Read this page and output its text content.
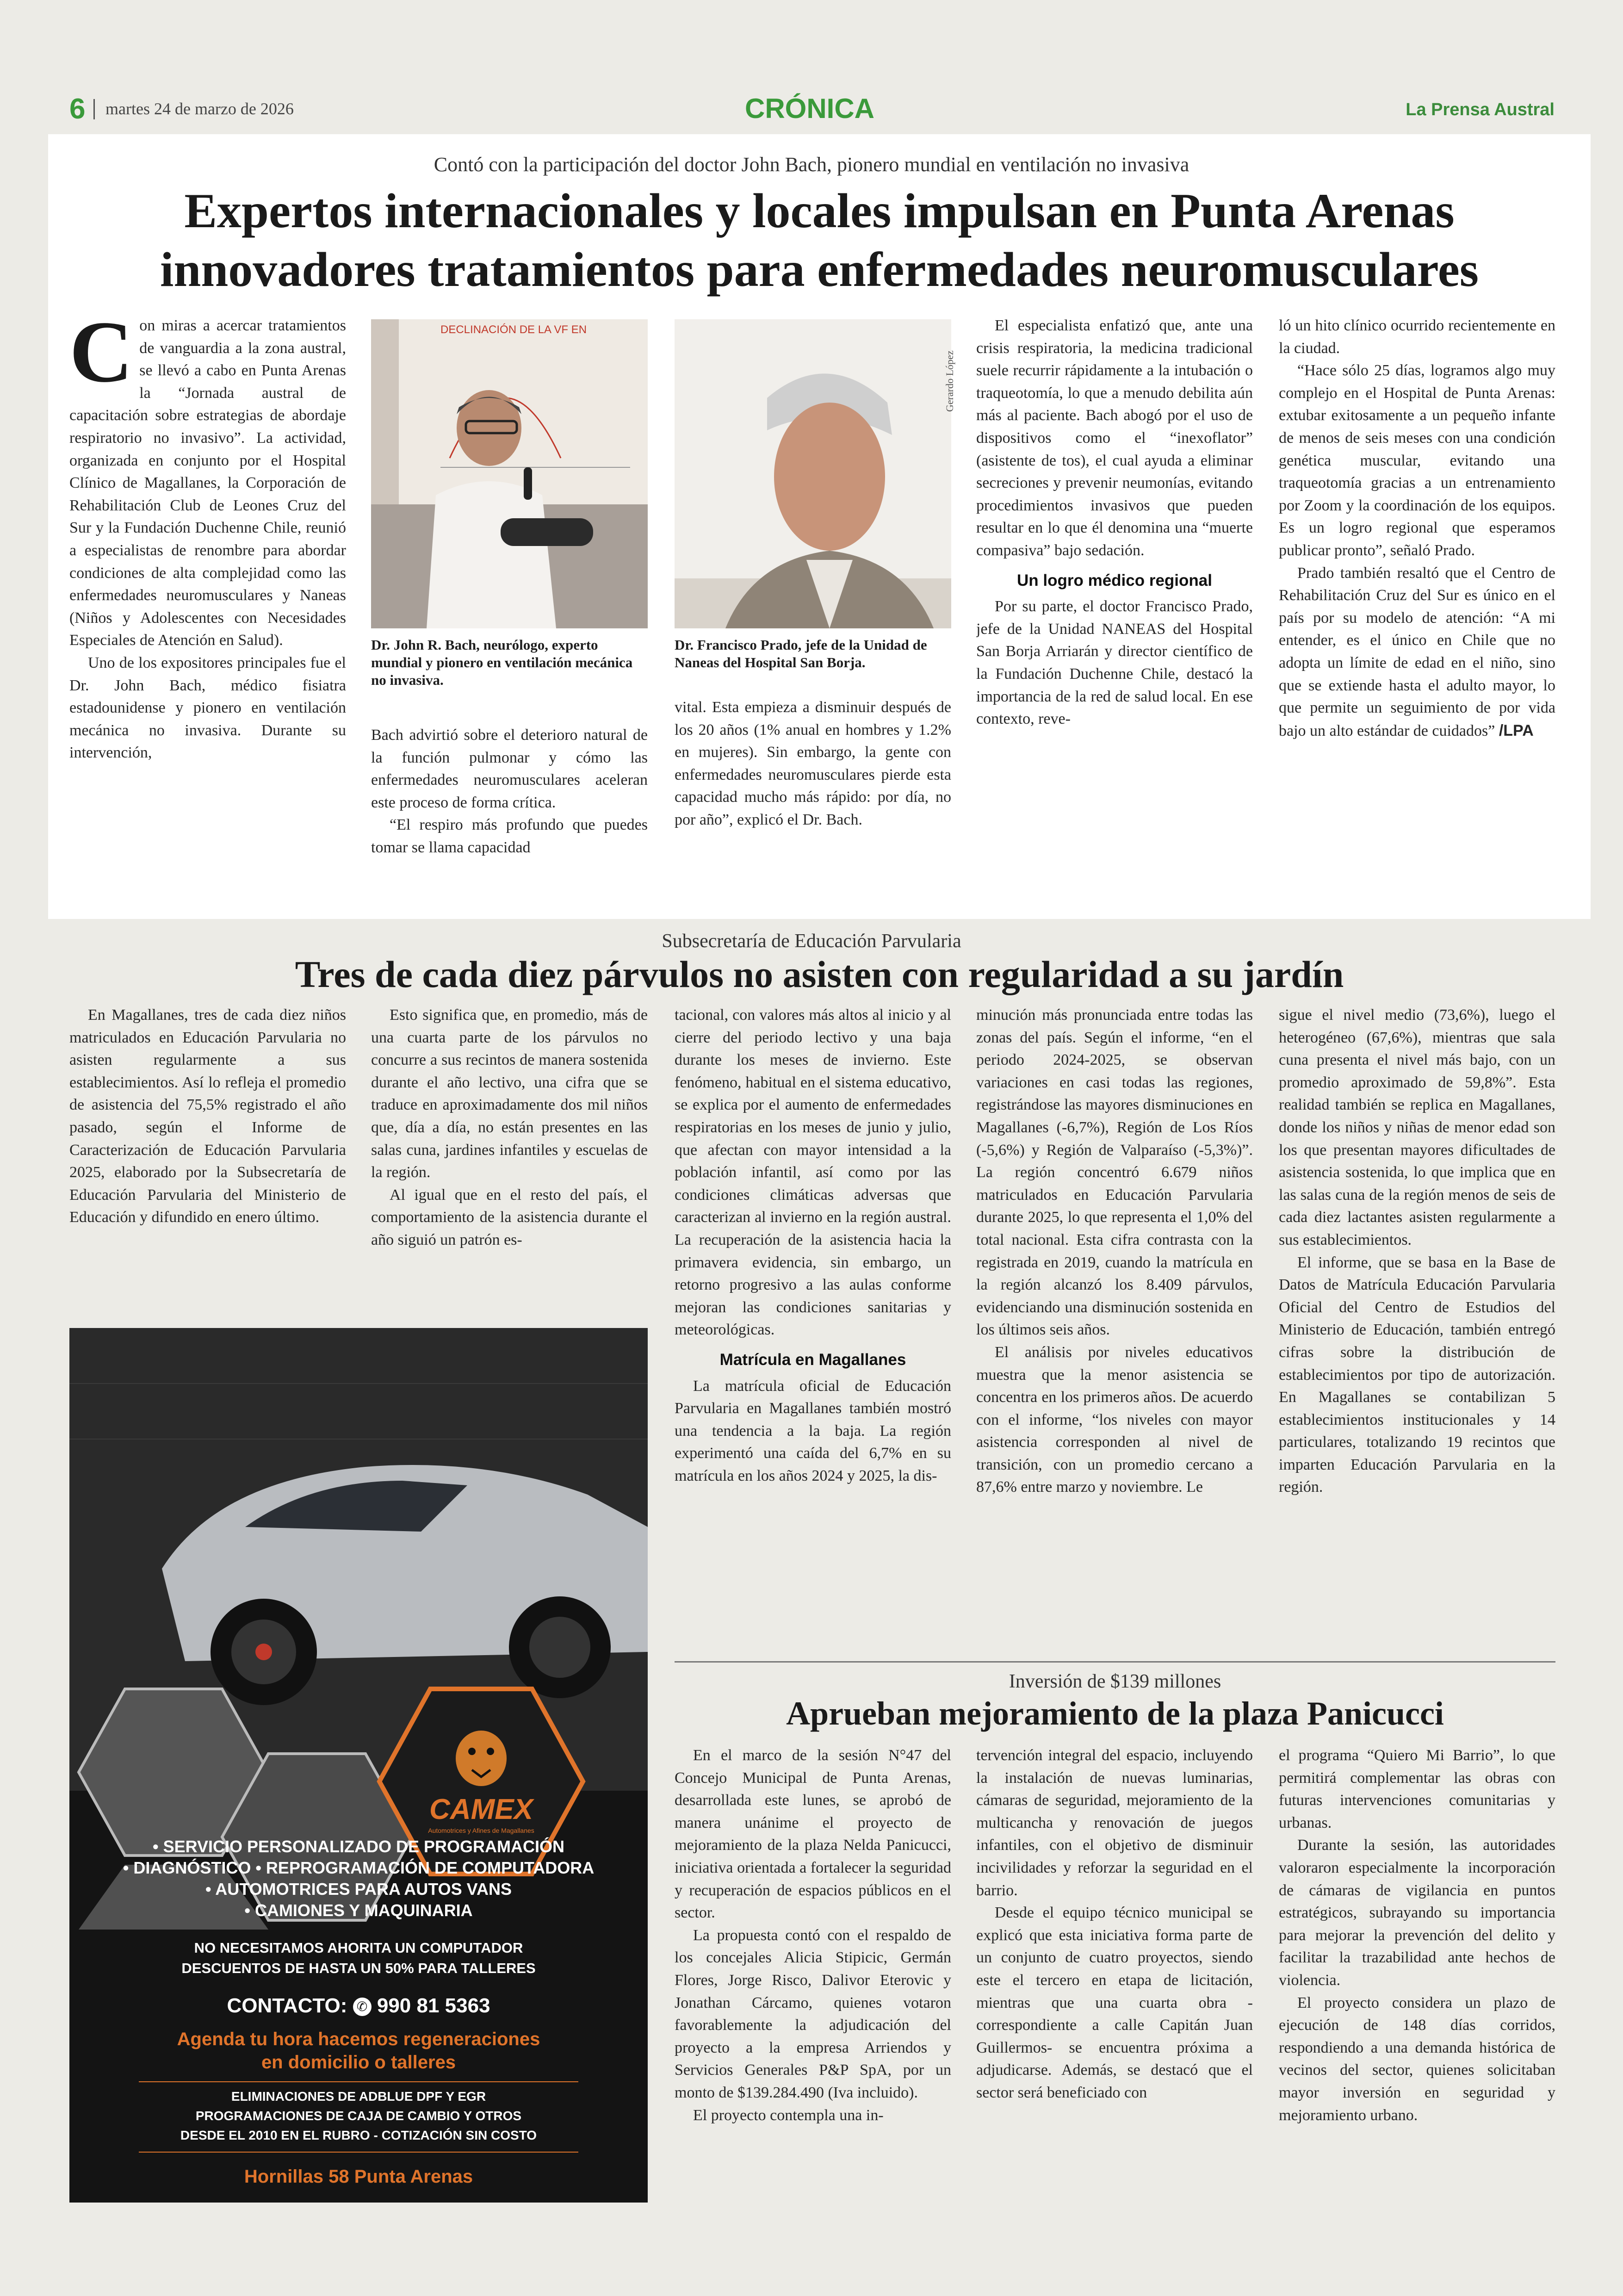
6 martes 24 de marzo de 2026	CRÓNICA	La Prensa Austral
Contó con la participación del doctor John Bach, pionero mundial en ventilación no invasiva
Expertos internacionales y locales impulsan en Punta Arenas
innovadores tratamientos para enfermedades neuromusculares

Con miras a acercar tratamientos de vanguardia a la zona austral, se llevó a cabo en Punta Arenas la “Jornada austral de capacitación sobre estrategias de abordaje respiratorio no invasivo”. La actividad, organizada en conjunto por el Hospital Clínico de Magallanes, la Corporación de Rehabilitación Club de Leones Cruz del Sur y la Fundación Duchenne Chile, reunió a especialistas de renombre para abordar condiciones de alta complejidad como las enfermedades neuromusculares y Naneas (Niños y Adolescentes con Necesidades Especiales de Atención en Salud).

Uno de los expositores principales fue el Dr. John Bach, médico fisiatra estadounidense y pionero en ventilación mecánica no invasiva. Durante su intervención,

DECLINACIÓN DE LA VF EN
Dr. John R. Bach, neurólogo, experto mundial y pionero en ventilación mecánica no invasiva.
Dr. Francisco Prado, jefe de la Unidad de Naneas del Hospital San Borja.
Gerardo López

Bach advirtió sobre el deterioro natural de la función pulmonar y cómo las enfermedades neuromusculares aceleran este proceso de forma crítica.

“El respiro más profundo que puedes tomar se llama capacidad

vital. Esta empieza a disminuir después de los 20 años (1% anual en hombres y 1.2% en mujeres). Sin embargo, la gente con enfermedades neuromusculares pierde esta capacidad mucho más rápido: por día, no por año”, explicó el Dr. Bach.

El especialista enfatizó que, ante una crisis respiratoria, la medicina tradicional suele recurrir rápidamente a la intubación o traqueotomía, lo que a menudo debilita aún más al paciente. Bach abogó por el uso de dispositivos como el “inexoflator” (asistente de tos), el cual ayuda a eliminar secreciones y prevenir neumonías, evitando procedimientos invasivos que pueden resultar en lo que él denomina una “muerte compasiva” bajo sedación.

Un logro médico regional

Por su parte, el doctor Francisco Prado, jefe de la Unidad NANEAS del Hospital San Borja Arriarán y director científico de la Fundación Duchenne Chile, destacó la importancia de la red de salud local. En ese contexto, reve-

ló un hito clínico ocurrido recientemente en la ciudad.

“Hace sólo 25 días, logramos algo muy complejo en el Hospital de Punta Arenas: extubar exitosamente a un pequeño infante de menos de seis meses con una condición genética muscular, evitando una traqueotomía gracias a un entrenamiento por Zoom y la coordinación de los equipos. Es un logro regional que esperamos publicar pronto”, señaló Prado.

Prado también resaltó que el Centro de Rehabilitación Cruz del Sur es único en el país por su modelo de atención: “A mi entender, es el único en Chile que no adopta un límite de edad en el niño, sino que se extiende hasta el adulto mayor, lo que permite un seguimiento de por vida bajo un alto estándar de cuidados” /LPA

Subsecretaría de Educación Parvularia
Tres de cada diez párvulos no asisten con regularidad a su jardín

En Magallanes, tres de cada diez niños matriculados en Educación Parvularia no asisten regularmente a sus establecimientos. Así lo refleja el promedio de asistencia del 75,5% registrado el año pasado, según el Informe de Caracterización de Educación Parvularia 2025, elaborado por la Subsecretaría de Educación Parvularia del Ministerio de Educación y difundido en enero último.

Esto significa que, en promedio, más de una cuarta parte de los párvulos no concurre a sus recintos de manera sostenida durante el año lectivo, una cifra que se traduce en aproximadamente dos mil niños que, día a día, no están presentes en las salas cuna, jardines infantiles y escuelas de la región.

Al igual que en el resto del país, el comportamiento de la asistencia durante el año siguió un patrón es-

tacional, con valores más altos al inicio y al cierre del periodo lectivo y una baja durante los meses de invierno. Este fenómeno, habitual en el sistema educativo, se explica por el aumento de enfermedades respiratorias en los meses de junio y julio, que afectan con mayor intensidad a la población infantil, así como por las condiciones climáticas adversas que caracterizan al invierno en la región austral. La recuperación de la asistencia hacia la primavera evidencia, sin embargo, un retorno progresivo a las aulas conforme mejoran las condiciones sanitarias y meteorológicas.

Matrícula en Magallanes

La matrícula oficial de Educación Parvularia en Magallanes también mostró una tendencia a la baja. La región experimentó una caída del 6,7% en su matrícula en los años 2024 y 2025, la dis-

minución más pronunciada entre todas las zonas del país. Según el informe, “en el periodo 2024-2025, se observan variaciones en casi todas las regiones, registrándose las mayores disminuciones en Magallanes (-6,7%), Región de Los Ríos (-5,6%) y Región de Valparaíso (-5,3%)”. La región concentró 6.679 niños matriculados en Educación Parvularia durante 2025, lo que representa el 1,0% del total nacional. Esta cifra contrasta con la registrada en 2019, cuando la matrícula en la región alcanzó los 8.409 párvulos, evidenciando una disminución sostenida en los últimos seis años.

El análisis por niveles educativos muestra que la menor asistencia se concentra en los primeros años. De acuerdo con el informe, “los niveles con mayor asistencia corresponden al nivel de transición, con un promedio cercano a 87,6% entre marzo y noviembre. Le

sigue el nivel medio (73,6%), luego el heterogéneo (67,6%), mientras que sala cuna presenta el nivel más bajo, con un promedio aproximado de 59,8%”. Esta realidad también se replica en Magallanes, donde los niños y niñas de menor edad son los que presentan mayores dificultades de asistencia sostenida, lo que implica que en las salas cuna de la región menos de seis de cada diez lactantes asisten regularmente a sus establecimientos.

El informe, que se basa en la Base de Datos de Matrícula Educación Parvularia Oficial del Centro de Estudios del Ministerio de Educación, también entregó cifras sobre la distribución de establecimientos por tipo de autorización. En Magallanes se contabilizan 5 establecimientos institucionales y 14 particulares, totalizando 19 recintos que imparten Educación Parvularia en la región.

CAMEX
Automotrices y Afines de Magallanes
• SERVICIO PERSONALIZADO DE PROGRAMACIÓN
• DIAGNÓSTICO • REPROGRAMACIÓN DE COMPUTADORA
• AUTOMOTRICES PARA AUTOS VANS
• CAMIONES Y MAQUINARIA
NO NECESITAMOS AHORITA UN COMPUTADOR
DESCUENTOS DE HASTA UN 50% PARA TALLERES
CONTACTO: ✆ 990 81 5363
Agenda tu hora hacemos regeneraciones
en domicilio o talleres
ELIMINACIONES DE ADBLUE DPF Y EGR
PROGRAMACIONES DE CAJA DE CAMBIO Y OTROS
DESDE EL 2010 EN EL RUBRO - COTIZACIÓN SIN COSTO
Hornillas 58 Punta Arenas
Inversión de $139 millones
Aprueban mejoramiento de la plaza Panicucci

En el marco de la sesión N°47 del Concejo Municipal de Punta Arenas, desarrollada este lunes, se aprobó de manera unánime el proyecto de mejoramiento de la plaza Nelda Panicucci, iniciativa orientada a fortalecer la seguridad y recuperación de espacios públicos en el sector.

La propuesta contó con el respaldo de los concejales Alicia Stipicic, Germán Flores, Jorge Risco, Dalivor Eterovic y Jonathan Cárcamo, quienes votaron favorablemente la adjudicación del proyecto a la empresa Arriendos y Servicios Generales P&P SpA, por un monto de $139.284.490 (Iva incluido).

El proyecto contempla una in-

tervención integral del espacio, incluyendo la instalación de nuevas luminarias, cámaras de seguridad, mejoramiento de la multicancha y renovación de juegos infantiles, con el objetivo de disminuir incivilidades y reforzar la seguridad en el barrio.

Desde el equipo técnico municipal se explicó que esta iniciativa forma parte de un conjunto de cuatro proyectos, siendo este el tercero en etapa de licitación, mientras que una cuarta obra -correspondiente a calle Capitán Juan Guillermos- se encuentra próxima a adjudicarse. Además, se destacó que el sector será beneficiado con

el programa “Quiero Mi Barrio”, lo que permitirá complementar las obras con futuras intervenciones comunitarias y urbanas.

Durante la sesión, las autoridades valoraron especialmente la incorporación de cámaras de vigilancia en puntos estratégicos, subrayando su importancia para mejorar la prevención del delito y facilitar la trazabilidad ante hechos de violencia.

El proyecto considera un plazo de ejecución de 148 días corridos, respondiendo a una demanda histórica de vecinos del sector, quienes solicitaban mayor inversión en seguridad y mejoramiento urbano.
